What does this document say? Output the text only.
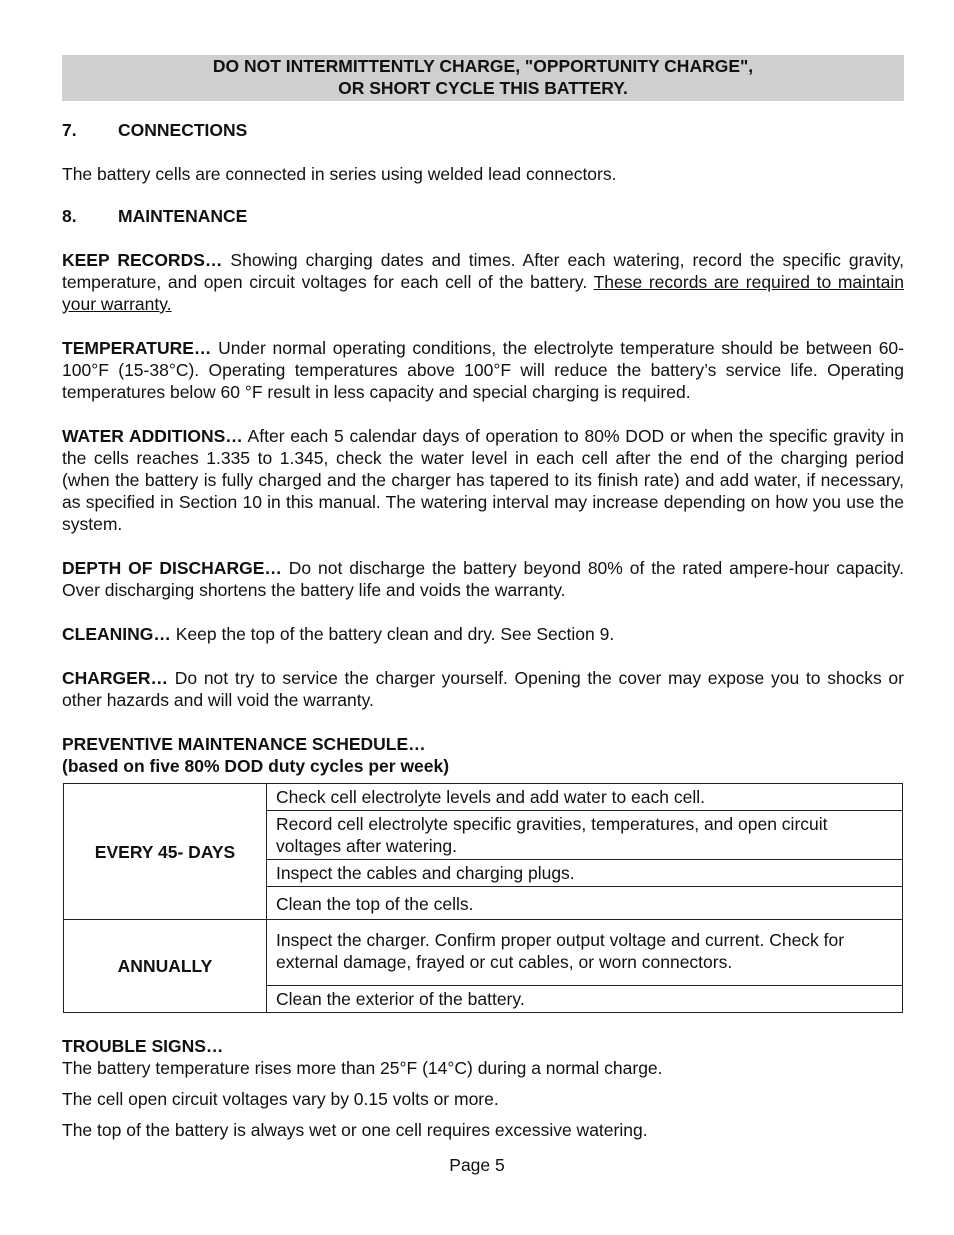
DO NOT INTERMITTENTLY CHARGE, "OPPORTUNITY CHARGE",
OR SHORT CYCLE THIS BATTERY.
7. CONNECTIONS

The battery cells are connected in series using welded lead connectors.

8. MAINTENANCE

KEEP RECORDS… Showing charging dates and times. After each watering, record the specific gravity, temperature, and open circuit voltages for each cell of the battery. These records are required to maintain your warranty.

TEMPERATURE… Under normal operating conditions, the electrolyte temperature should be between 60-100°F (15-38°C). Operating temperatures above 100°F will reduce the battery’s service life. Operating temperatures below 60 °F result in less capacity and special charging is required.

WATER ADDITIONS… After each 5 calendar days of operation to 80% DOD or when the specific gravity in the cells reaches 1.335 to 1.345, check the water level in each cell after the end of the charging period (when the battery is fully charged and the charger has tapered to its finish rate) and add water, if necessary, as specified in Section 10 in this manual. The watering interval may increase depending on how you use the system.

DEPTH OF DISCHARGE… Do not discharge the battery beyond 80% of the rated ampere-hour capacity. Over discharging shortens the battery life and voids the warranty.

CLEANING… Keep the top of the battery clean and dry. See Section 9.

CHARGER… Do not try to service the charger yourself. Opening the cover may expose you to shocks or other hazards and will void the warranty.

PREVENTIVE MAINTENANCE SCHEDULE…
(based on five 80% DOD duty cycles per week)
EVERY 45- DAYS	Check cell electrolyte levels and add water to each cell.
	Record cell electrolyte specific gravities, temperatures, and open circuit voltages after watering.
	Inspect the cables and charging plugs.
	Clean the top of the cells.
ANNUALLY	Inspect the charger. Confirm proper output voltage and current. Check for external damage, frayed or cut cables, or worn connectors.
	Clean the exterior of the battery.
TROUBLE SIGNS…
The battery temperature rises more than 25°F (14°C) during a normal charge.
The cell open circuit voltages vary by 0.15 volts or more.
The top of the battery is always wet or one cell requires excessive watering.
Page 5
